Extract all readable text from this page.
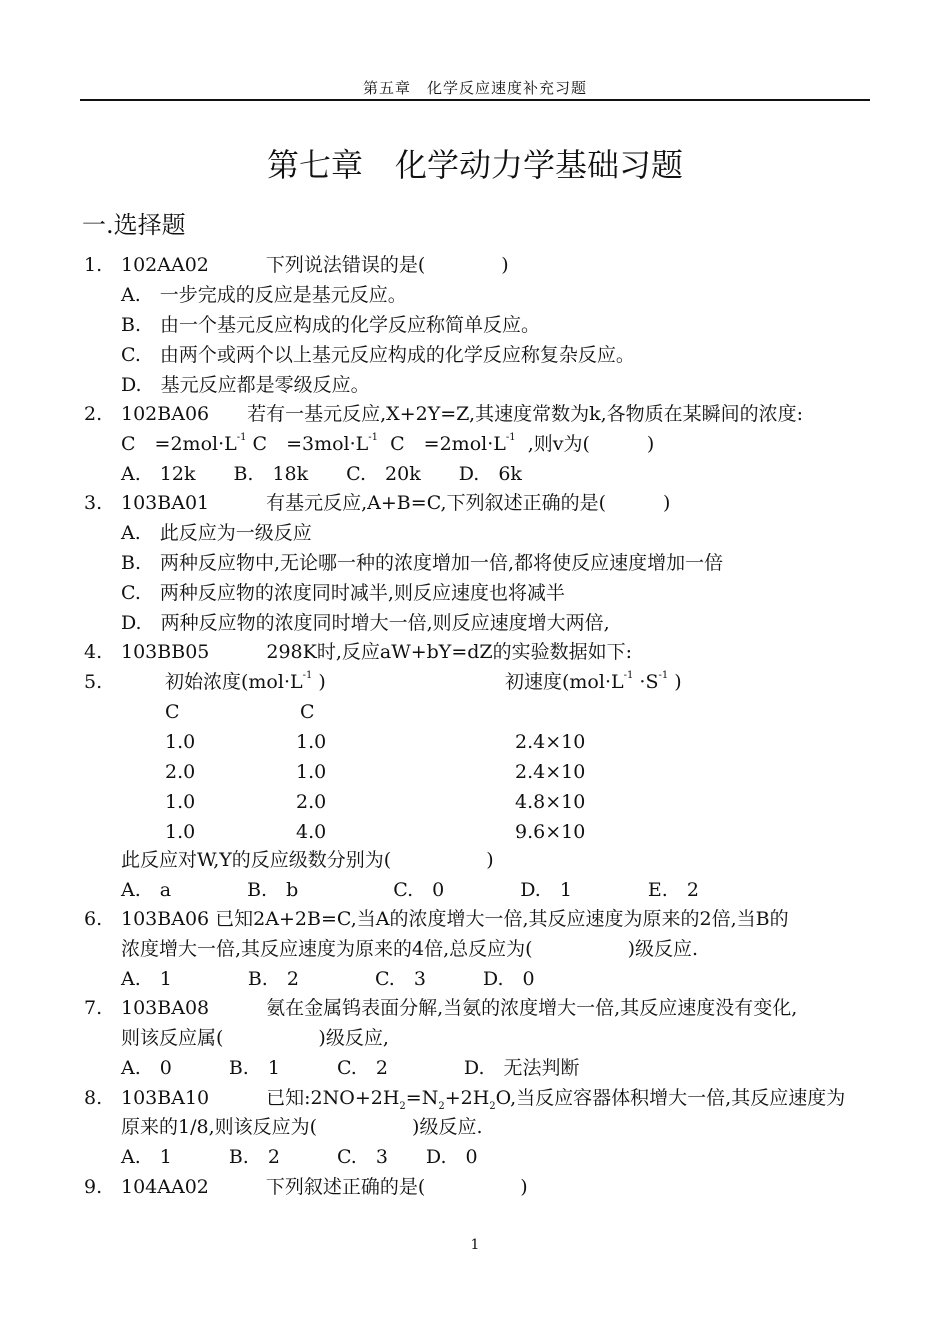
第五章　化学反应速度补充习题
第七章　化学动力学基础习题
一.选择题
1. 102AA02　　　下列说法错误的是(　　　　)
A.　一步完成的反应是基元反应。
B.　由一个基元反应构成的化学反应称简单反应。
C.　由两个或两个以上基元反应构成的化学反应称复杂反应。
D.　基元反应都是零级反应。
2. 102BA06　　若有一基元反应,X+2Y=Z,其速度常数为k,各物质在某瞬间的浓度:
C　$=2mol\cdot L^{-1}$ C　$=3mol\cdot L^{-1}$ C　$=2mol\cdot L^{-1}$ ,则v为(　　　)
A.　12k　　B.　18k　　C.　20k　　D.　6k
3. 103BA01　　　有基元反应,A+B=C,下列叙述正确的是(　　　)
A.　此反应为一级反应
B.　两种反应物中,无论哪一种的浓度增加一倍,都将使反应速度增加一倍
C.　两种反应物的浓度同时减半,则反应速度也将减半
D.　两种反应物的浓度同时增大一倍,则反应速度增大两倍,
4. 103BB05　　　298K时,反应aW+bY=dZ的实验数据如下:
5.	初始浓度($mol\cdot L^{-1}$ )	初速度($mol\cdot L^{-1} \cdot S^{-1}$ )
C	C
1.0	1.0	2.4×10
2.0	1.0	2.4×10
1.0	2.0	4.8×10
1.0	4.0	9.6×10
此反应对W,Y的反应级数分别为(　　　　　)
A.　a　　　　B.　b　　　　　C.　0　　　　D.　1　　　　E.　2
6. 103BA06 已知2A+2B=C,当A的浓度增大一倍,其反应速度为原来的2倍,当B的
浓度增大一倍,其反应速度为原来的4倍,总反应为(　　　　　)级反应.
A.　1　　　　B.　2　　　　C.　3　　　D.　0
7. 103BA08　　　氨在金属钨表面分解,当氨的浓度增大一倍,其反应速度没有变化,
则该反应属(　　　　　)级反应,
A.　0　　　B.　1　　　C.　2　　　　D.　无法判断
8. 103BA10　　　已知$:2NO+2H_2=N_2+2H_2O$,当反应容器体积增大一倍,其反应速度为
原来的1/8,则该反应为(　　　　　)级反应.
A.　1　　　B.　2　　　C.　3　　D.　0
9. 104AA02　　　下列叙述正确的是(　　　　　)
1
